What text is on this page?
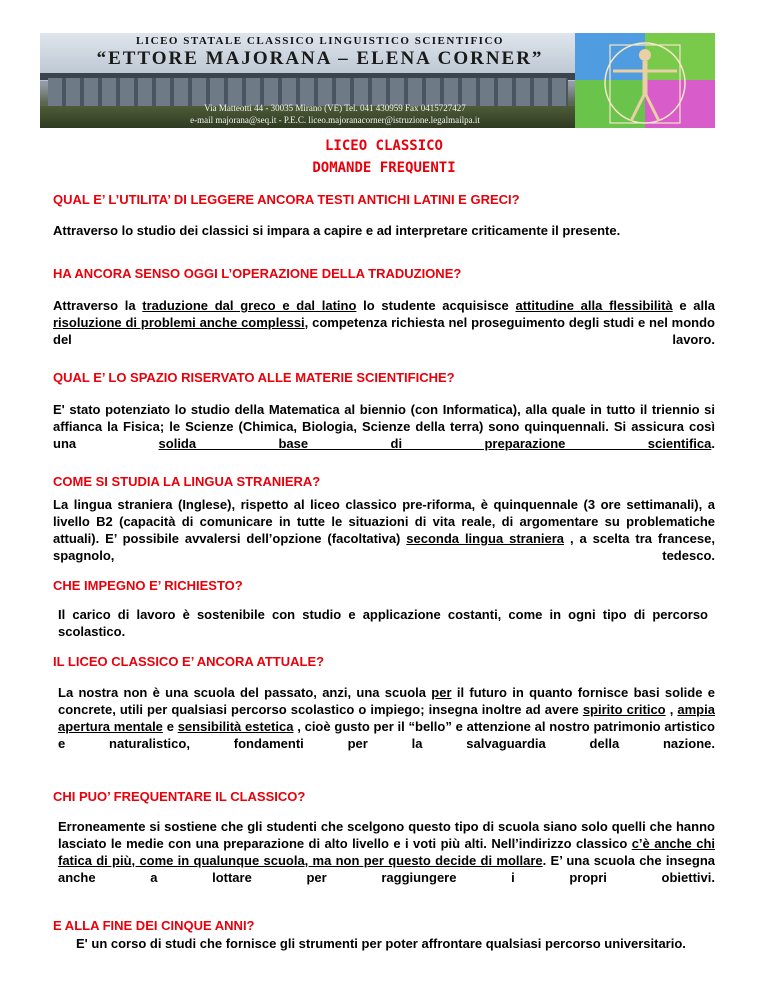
LICEO STATALE CLASSICO LINGUISTICO SCIENTIFICO
“ETTORE MAJORANA – ELENA CORNER”
Via Matteotti 44 - 30035 Mirano (VE) Tel. 041 430959 Fax 0415727427
e-mail majorana@seq.it - P.E.C. liceo.majoranacorner@istruzione.legalmailpa.it
LICEO CLASSICO
DOMANDE FREQUENTI
QUAL E’ L’UTILITA’ DI LEGGERE ANCORA TESTI ANTICHI LATINI E GRECI?
Attraverso lo studio dei classici si impara a capire e ad interpretare criticamente il presente.
HA ANCORA SENSO OGGI L’OPERAZIONE DELLA TRADUZIONE?
Attraverso la traduzione dal greco e dal latino lo studente acquisisce attitudine alla flessibilità e alla risoluzione di problemi anche complessi, competenza richiesta nel proseguimento degli studi e nel mondo del lavoro.
QUAL E’ LO SPAZIO RISERVATO ALLE MATERIE SCIENTIFICHE?
E' stato potenziato lo studio della Matematica al biennio (con Informatica), alla quale in tutto il triennio si affianca la Fisica; le Scienze (Chimica, Biologia, Scienze della terra) sono quinquennali. Si assicura così una	solida base di preparazione scientifica.
COME SI STUDIA LA LINGUA STRANIERA?
La lingua straniera (Inglese), rispetto al liceo classico pre-riforma, è quinquennale (3 ore settimanali), a livello B2 (capacità di comunicare in tutte le situazioni di vita reale, di argomentare su problematiche attuali). E’ possibile avvalersi dell’opzione (facoltativa) seconda lingua straniera , a scelta tra francese, spagnolo, tedesco.
CHE IMPEGNO E’ RICHIESTO?
Il carico di lavoro è sostenibile con studio e applicazione costanti, come in ogni tipo di percorso scolastico.
IL LICEO CLASSICO E’ ANCORA ATTUALE?
La nostra non è una scuola del passato, anzi, una scuola per il futuro in quanto fornisce basi solide e concrete, utili per qualsiasi percorso scolastico o impiego; insegna inoltre ad avere spirito critico , ampia apertura mentale e sensibilità estetica , cioè gusto per il “bello” e attenzione al nostro patrimonio artistico e naturalistico, fondamenti per la salvaguardia della nazione.
CHI PUO’ FREQUENTARE IL CLASSICO?
Erroneamente si sostiene che gli studenti che scelgono questo tipo di scuola siano solo quelli che hanno lasciato le medie con una preparazione di alto livello e i voti più alti. Nell’indirizzo classico c’è anche chi fatica di più, come in qualunque scuola, ma non per questo decide di mollare. E’ una scuola che insegna anche a lottare per raggiungere i propri obiettivi.
E ALLA FINE DEI CINQUE ANNI?
E' un corso di studi che fornisce gli strumenti per poter affrontare qualsiasi percorso universitario.
